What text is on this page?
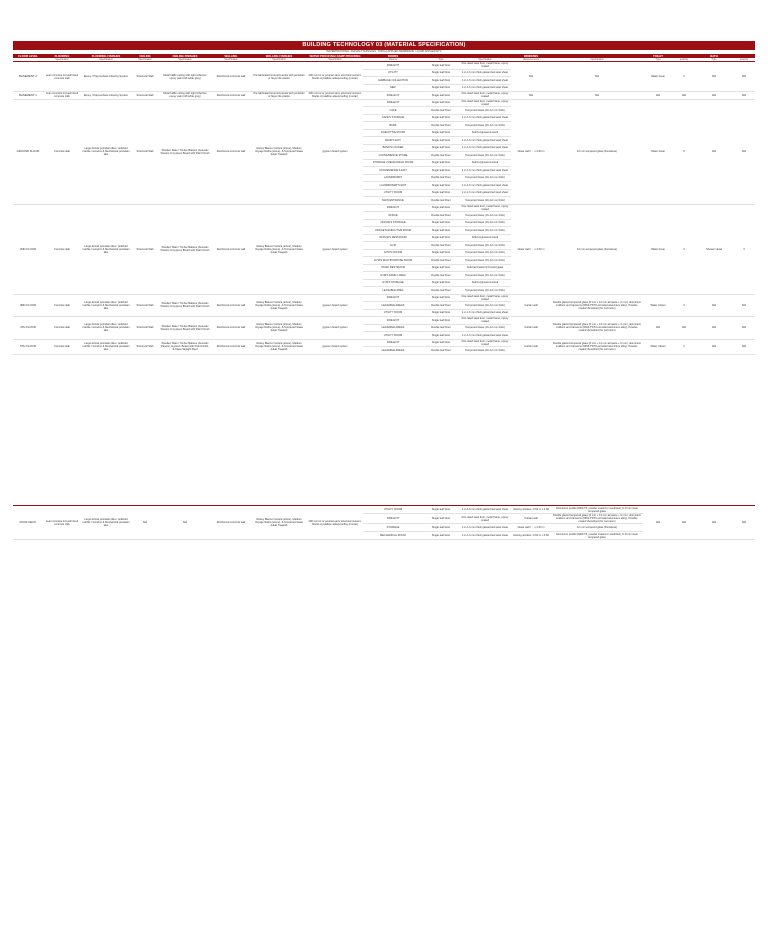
BUILDING TECHNOLOGY 03 (MATERIAL SPECIFICATION)
WATERPROOFING: ASPHALT SHINGLES, TORCH-APPLIED MEMBRANE, LIQUID APPLIED ETC
FLOOR LEVEL	FLOORING	FLOORING FINISHES	CEILING	CEILING FINISHES	WALLING	WALLING FINISHES	WATER PROOFING/ DAMP PROOFING	DOORS			WINDOWS		TOILET		BATH	
	Specification	Specification	Specification	Specification	Specification	Specification	Specification	Rooms	Type	Specification	Measurements	Specification	Type	quantity	Type	quantity
BASEMENT 2	Lean concrete & Fuel/mixed concrete slab	Epoxy / Polyurethane Flooring System	Structural Slab	Metal baffle ceiling with light reflective epoxy paint (off-white gray)	Reinforced concrete wall	Pre-fabricated textured panels with porcelain or fleyer tile planks	200 mm lot or pourset sans structural cement-blocks crystalline waterproofing (mortar)	FIRE EXIT	Single leaf Door	Fire-rated steel door, metal frame, epoxy coated	N/A	N/A	Water Issue	3	N/A	N/A
								UTILITY	Single leaf Door	1.2–1.6 mm thick galvanized steel sheet						
								GARBAGE COLLECTION	Single leaf Door	1.2–1.6 mm thick galvanized steel sheet						
								MEP	Single leaf Door	1.2–1.6 mm thick galvanized steel sheet						
BASEMENT 1	Lean concrete & Fuel/mixed concrete slab	Epoxy / Polyurethane Flooring System	Structural Slab	Metal baffle ceiling with light reflective epoxy paint (off-white gray)	Reinforced concrete wall	Pre-fabricated textured panels with porcelain or fleyer tile planks	200 mm lot or pourset sans structural cement-blocks crystalline waterproofing (mortar)	FIRE EXIT	Single leaf Door	Fire-rated steel door, metal frame, epoxy coated	N/A	N/A	N/A	N/A	N/A	N/A
GROUND FLOOR	Concrete slab	Large-format porcelain tiles / polished marble / terrazzo & Mechanical porcelain tiles	Structural Slab	Wooden Slats / Timber Battens (Acoustic Panels) & Gypsum Board with Paint Finish	Reinforced concrete wall	Glossy Bianco Carrara (stone), Medium Voyage Dabra (stone), & Tempered Glass (Heat Treated)	gypsum board system	FIRE EXIT	Single leaf Door	Fire-rated steel door, metal frame, epoxy coated	Glass wall / ... x 2.60 m	12 mm tempered glass (frameless)	Water Issue	5	N/A	N/A
								CAFE	Double leaf Door	Tempered Glass (10–12 mm thick)						
								CAFE'S STORAGE	Single leaf Door	1.2–1.6 mm thick galvanized steel sheet						
								BANK	Double leaf Door	Tempered Glass (10–12 mm thick)						
								EXECUTIVE ROOM	Single leaf Door	Solid engineered wood						
								BANK'S EXIT	Single leaf Door	1.2–1.6 mm thick galvanized steel sheet						
								BANK'S LOCKER	Single leaf Door	1.2–1.6 mm thick galvanized steel sheet						
								CONVENIENCE STORE	Double leaf Door	Tempered Glass (10–12 mm thick)						
								STORAGE / MECHANICAL ROOM	Single leaf Door	Solid engineered wood						
								CONVENIENCE'S EXIT	Single leaf Door	1.2–1.6 mm thick galvanized steel sheet						
								LAUNDROMAT	Double leaf Door	Tempered Glass (10–12 mm thick)						
								LAUNDROMAT'S EXIT	Single leaf Door	1.2–1.6 mm thick galvanized steel sheet						
								UTILITY ROOM	Single leaf Door	1.2–1.6 mm thick galvanized steel sheet						
								MAIN ENTRANCE	Double leaf Door	Tempered Glass (10–12 mm thick)						
2ND FLOOR	Concrete slab	Large-format porcelain tiles / polished marble / terrazzo & Mechanical porcelain tiles	Structural Slab	Wooden Slats / Timber Battens (Acoustic Panels) & Gypsum Board with Paint Finish	Reinforced concrete wall	Glossy Bianco Carrara (stone), Medium Voyage Dabra (stone), & Tempered Glass (Heat Treated)	gypsum board system	FIRE EXIT	Single leaf Door	Fire-rated steel door, metal frame, epoxy coated	Glass wall / ... x 2.60 m	12 mm tempered glass (frameless)	Water Issue	4	Shower Head	3
								OFFICE	Double leaf Door	Tempered Glass (10–12 mm thick)						
								OFFICE'S STORAGE	Single leaf Door	Tempered Glass (10–12 mm thick)						
								OFFICE'S EXECUTIVE ROOM	Single leaf Door	Tempered Glass (10–12 mm thick)						
								OFFICE'S RESTROOM	Single leaf Door	Solid engineered wood						
								GYM	Double leaf Door	Tempered Glass (10–12 mm thick)						
								GYM'S OFFICE	Single leaf Door	Tempered Glass (10–12 mm thick)						
								GYM'S MULTIPURPOSE ROOM	Double leaf Door	Tempered Glass (10–12 mm thick)						
								STAFF RESTROOM	Single leaf Door	Solid laminated & Frosted glass						
								GYM'S FAMILY AREA	Double leaf Door	Tempered Glass (10–12 mm thick)						
								GYM'S STORAGE	Single leaf Door	Solid engineered wood						
								LEASABLE AREA	Double leaf Door	Tempered Glass (10–12 mm thick)						
3RD FLOOR	Concrete slab	Large-format porcelain tiles / polished marble / terrazzo & Mechanical porcelain tiles	Structural Slab	Wooden Slats / Timber Battens (Acoustic Panels) & Gypsum Board with Paint Finish	Reinforced concrete wall	Glossy Bianco Carrara (stone), Medium Voyage Dabra (stone), & Tempered Glass (Heat Treated)	gypsum board system	FIRE EXIT	Single leaf Door	Fire-rated steel door, metal frame, epoxy coated	Curtain wall	Double glazed tempered glass (6 mm + 12 mm airspace + 6 mm), aluminium mullions and transoms (6063-T5/T6 extruded aluminium alloy), Powder-coated /Anodized (for corrosion)	Water Closet	4	N/A	N/A
								LEASABLE AREAS	Double leaf Door	Tempered Glass (10–12 mm thick)						
								UTILITY ROOM	Single leaf Door	1.2–1.6 mm thick galvanized steel sheet						
4TH FLOOR	Concrete slab	Large-format porcelain tiles / polished marble / terrazzo & Mechanical porcelain tiles	Structural Slab	Wooden Slats / Timber Battens (Acoustic Panels) & Gypsum Board with Paint Finish	Reinforced concrete wall	Glossy Bianco Carrara (stone), Medium Voyage Dabra (stone), & Tempered Glass (Heat Treated)	gypsum board system	FIRE EXIT	Single leaf Door	Fire-rated steel door, metal frame, epoxy coated	Curtain wall	Double glazed tempered glass (6 mm + 12 mm airspace + 6 mm), aluminium mullions and transoms (6063-T5/T6 extruded aluminium alloy), Powder-coated /Anodized (for corrosion)	N/A	N/A	N/A	N/A
								LEASABLE AREAS	Double leaf Door	Tempered Glass (10–12 mm thick)						
								UTILITY ROOM	Single leaf Door	1.2–1.6 mm thick galvanized steel sheet						
5TH FLOOR	Concrete slab	Large-format porcelain tiles / polished marble / terrazzo & Mechanical porcelain tiles	Structural Slab	Wooden Slats / Timber Battens (Acoustic Panels), Gypsum Board with Paint Finish, & Glass Skylight Roof	Reinforced concrete wall	Glossy Bianco Carrara (stone), Medium Voyage Dabra (stone), & Tempered Glass (Heat Treated)	gypsum board system	FIRE EXIT	Single leaf Door	Fire-rated steel door, metal frame, epoxy coated	Curtain wall	Double glazed tempered glass (6 mm + 12 mm airspace + 6 mm), aluminium mullions and transoms (6063-T5/T6 extruded aluminium alloy), Powder-coated /Anodized (for corrosion)	Water Closet	4	N/A	N/A
								LEASABLE AREAS	Double leaf Door	Tempered Glass (10–12 mm thick)						
ROOF DECK	Lean concrete & Fuel/mixed concrete slab	Large-format porcelain tiles / polished marble / terrazzo & Mechanical porcelain tiles	N/A	N/A	Reinforced concrete wall	Glossy Bianco Carrara (stone), Medium Voyage Dabra (stone), & Tempered Glass (Heat Treated)	200 mm lot or pourset sans structural cement-blocks crystalline waterproofing (mortar)	UTILITY ROOM	Single leaf Door	1.2–1.6 mm thick galvanized steel sheet	Awning window / 0.60 m x 0.60	Aluminium profile (6063-T5, powder coated or anodized), 6–8 mm clear tempered glass	N/A	N/A	N/A	N/A
								FIRE EXIT	Single leaf Door	Fire-rated steel door, metal frame, epoxy coated	Curtain wall	Double glazed tempered glass (6 mm + 12 mm airspace + 6 mm), aluminium mullions and transoms (6063-T5/T6 extruded aluminium alloy), Powder-coated /Anodized (for corrosion)				
								STORAGE	Single leaf Door	1.2–1.6 mm thick galvanized steel sheet	Glass wall / ... x 2.60 m	12 mm tempered glass (frameless)				
								MECHANICAL ROOM	Single leaf Door	1.2–1.6 mm thick galvanized steel sheet	Awning window / 0.60 m x 0.60	Aluminium profile (6063-T5, powder coated or anodized), 6–8 mm clear tempered glass				
